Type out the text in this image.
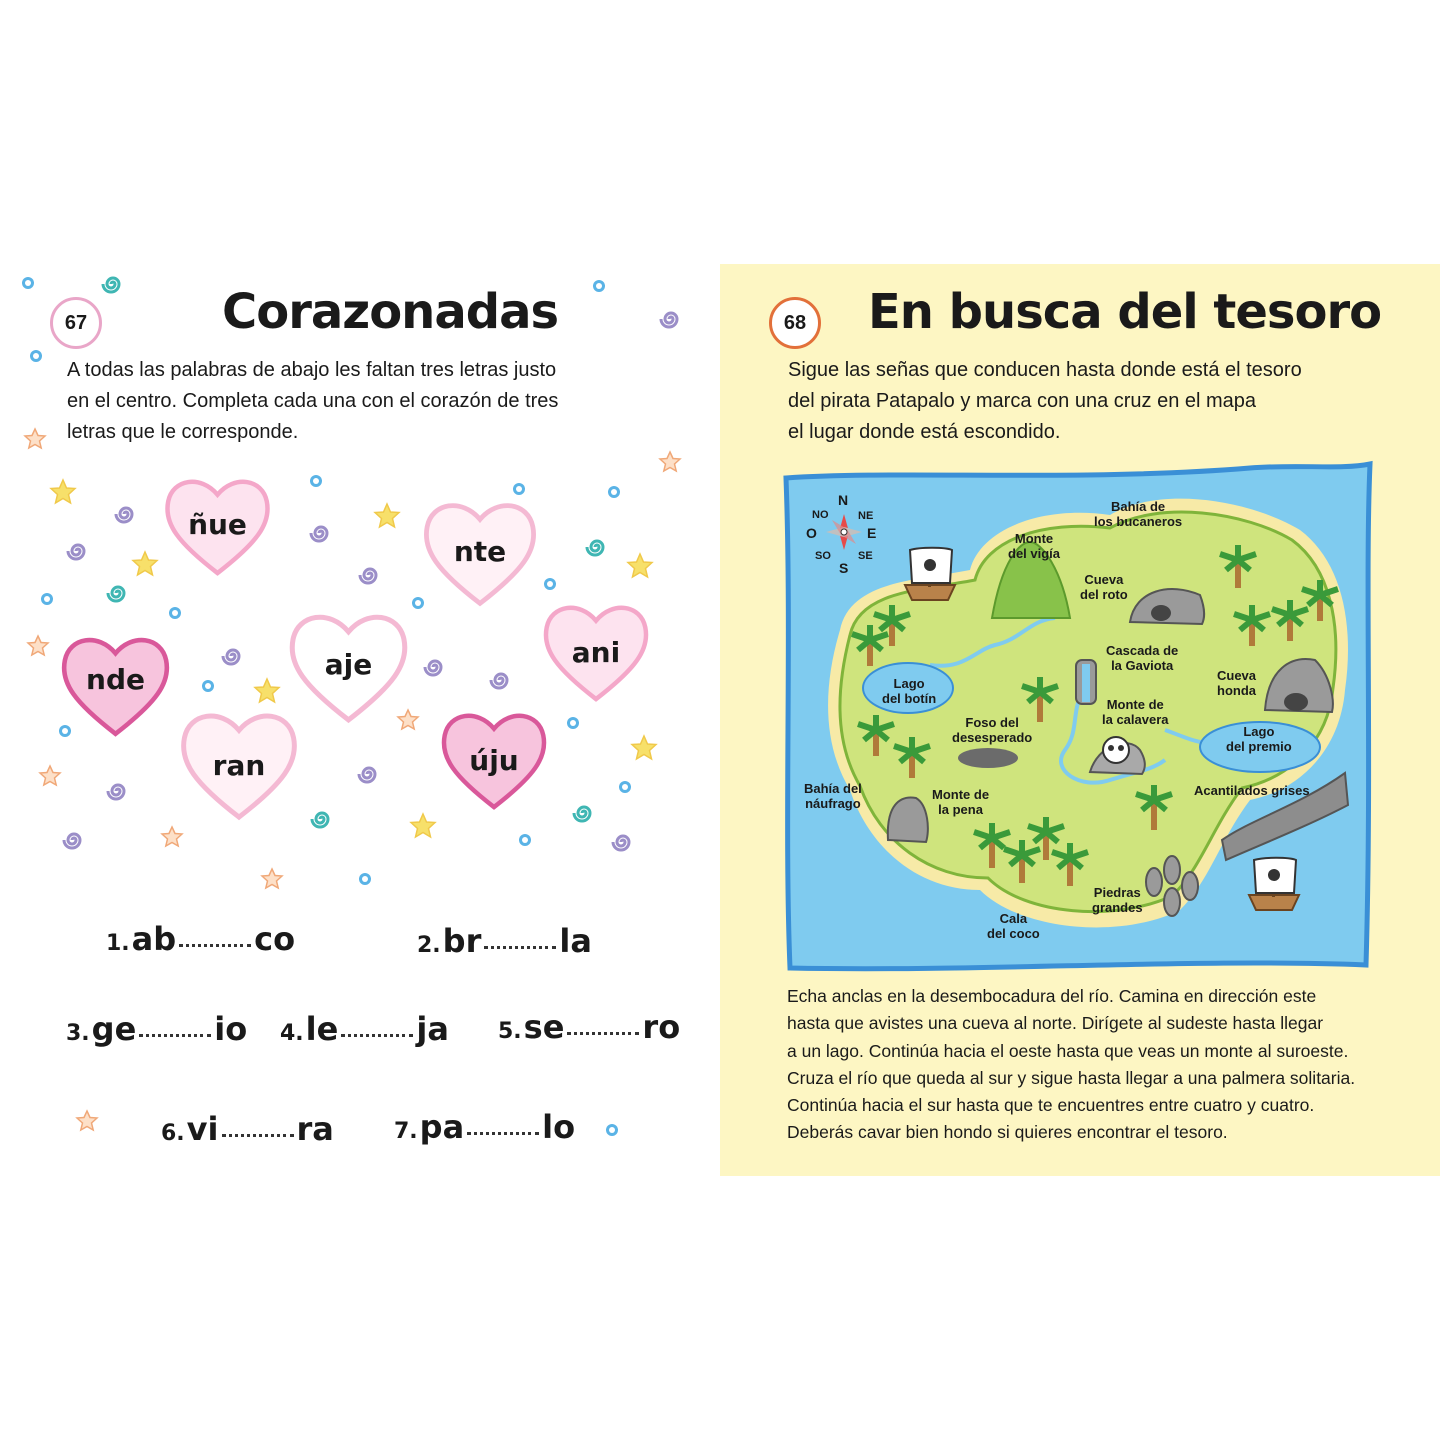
67	Corazonadas
A todas las palabras de abajo les faltan tres letras justo
en el centro. Completa cada una con el corazón de tres
letras que le corresponde.
ñue
nte
nde	aje	ani
ran	úju
1. ab co	2. br la
3. ge io 4. le ja 5. se ro
6. vi ra	7. pa lo
68 En busca del tesoro
Sigue las señas que conducen hasta donde está el tesoro
del pirata Patapalo y marca con una cruz en el mapa
el lugar donde está escondido.
N
NE
E
SE
S
SO
O
NO
Bahía de
los bucaneros
Monte
del vigía
Cueva
del roto
Cascada de
la Gaviota
Cueva
honda
Lago
del botín	Monte de
la calavera
Foso del
desesperado	Lago
del premio
Bahía del
náufrago
Monte de
la pena
Acantilados grises
Piedras
grandes
Cala
del coco
Echa anclas en la desembocadura del río. Camina en dirección este
hasta que avistes una cueva al norte. Dirígete al sudeste hasta llegar
a un lago. Continúa hacia el oeste hasta que veas un monte al suroeste.
Cruza el río que queda al sur y sigue hasta llegar a una palmera solitaria.
Continúa hacia el sur hasta que te encuentres entre cuatro y cuatro.
Deberás cavar bien hondo si quieres encontrar el tesoro.
